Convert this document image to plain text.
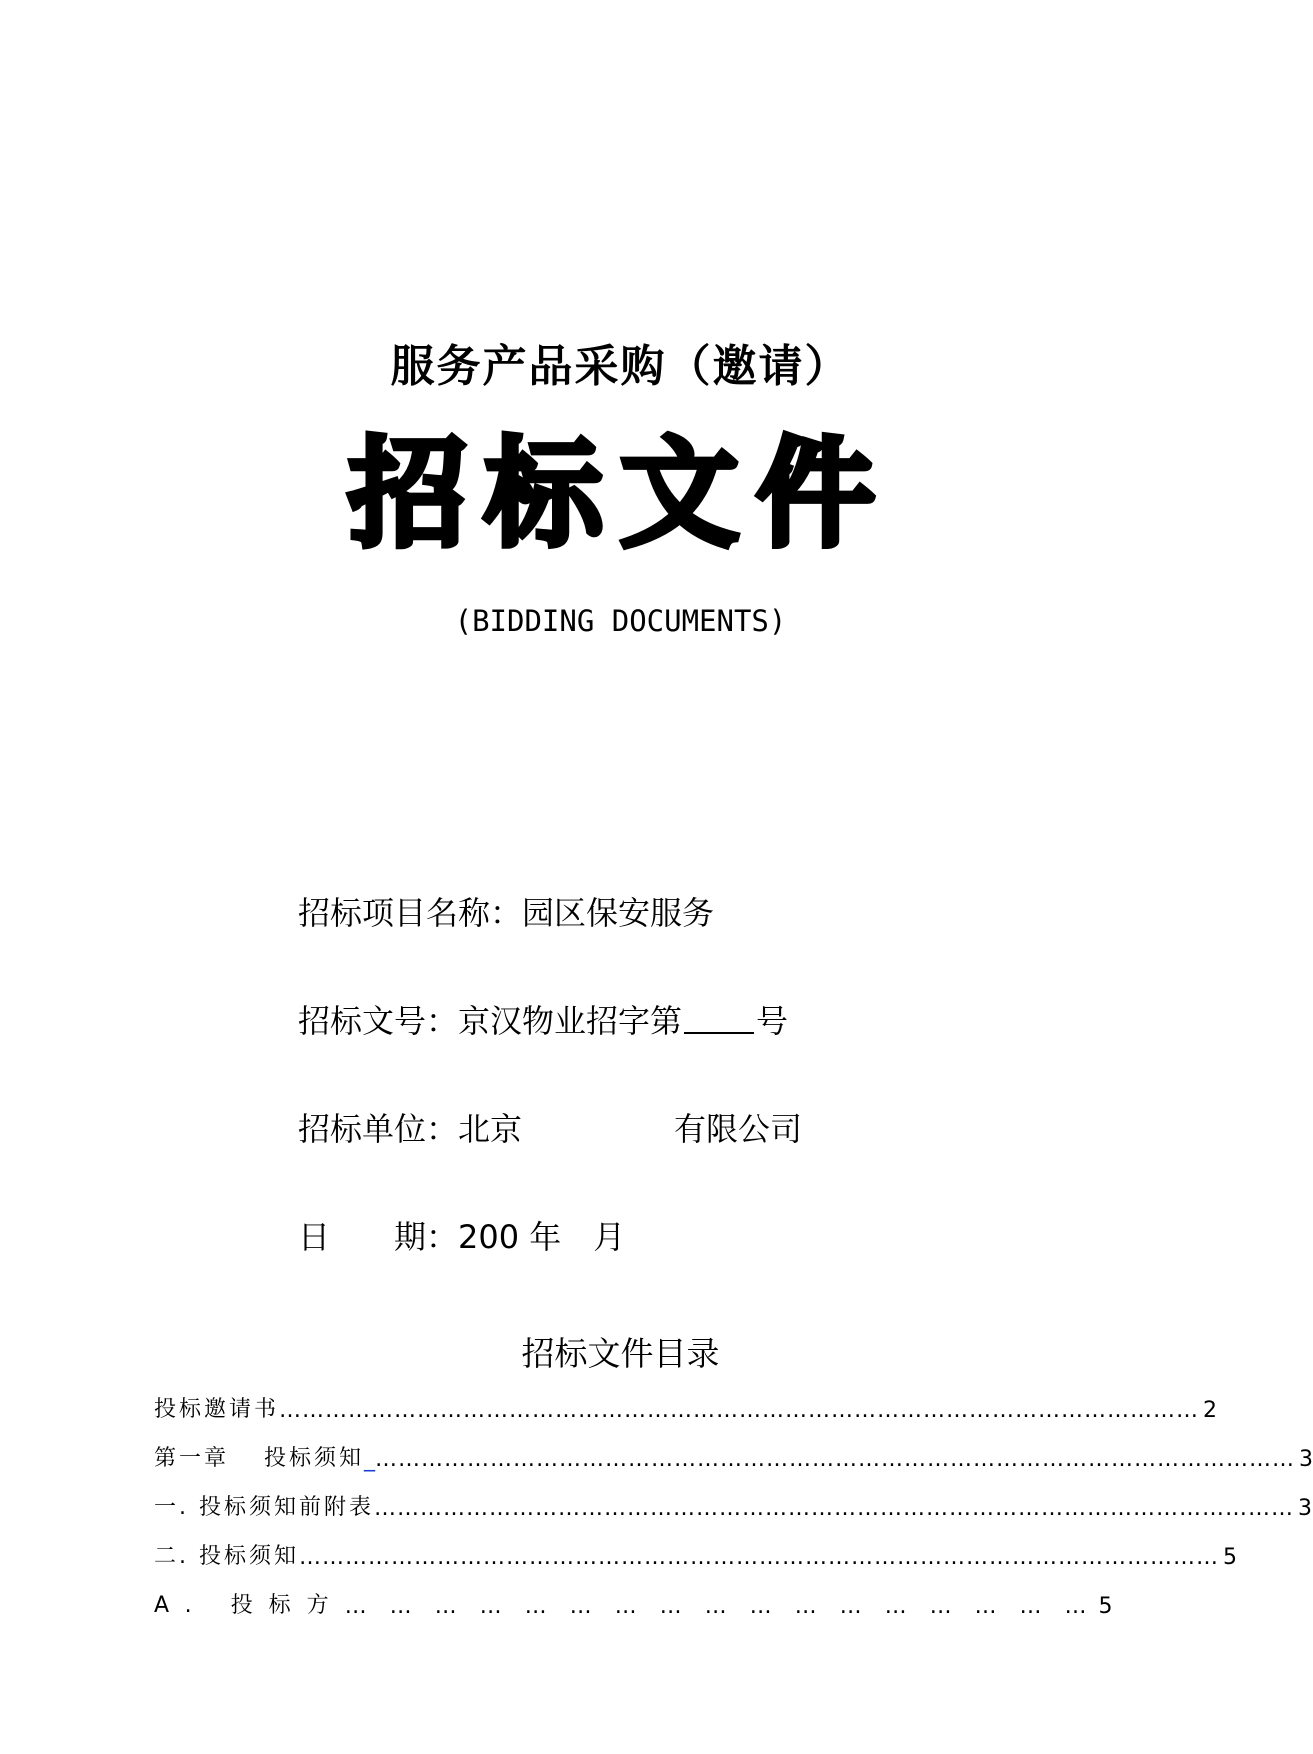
服务产品采购（邀请）
招标文件
(BIDDING DOCUMENTS)
招标项目名称：园区保安服务
招标文号：京汉物业招字第 号
招标单位：北京	有限公司
日　　期：200 年　月
招标文件目录
投标邀请书 ………………………………………………………………………………………………………… 2
第一章　 投标须知 _ ………………………………………………………………………………………………………… 3
一. 投标须知前附表 ………………………………………………………………………………………………………… 3
二. 投标须知 ………………………………………………………………………………………………………… 5
A. 投标方 … … … … … … … … … … … … … … … … … 5
